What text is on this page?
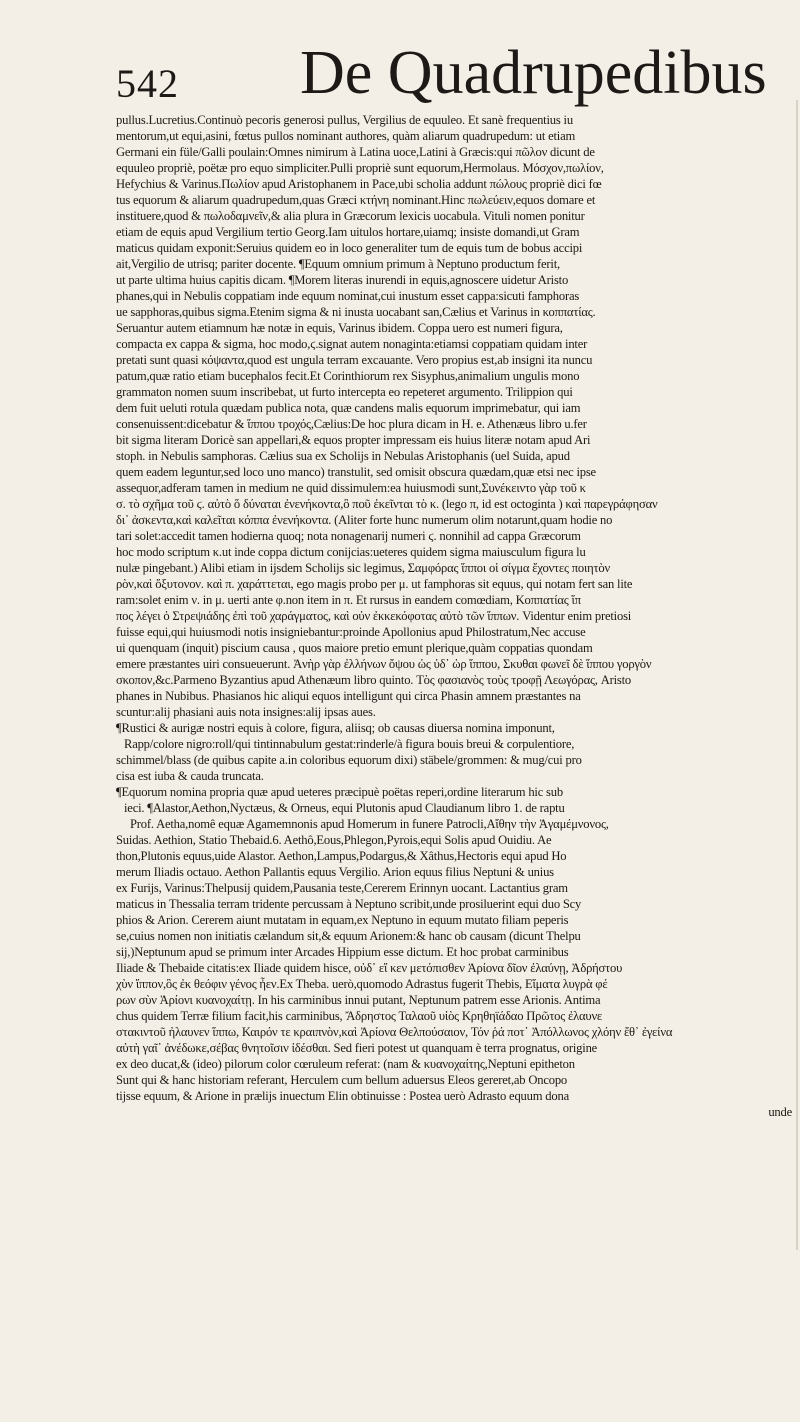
542 De Quadrupedibus
pullus.Lucretius.Continuò pecoris generosi pullus, Vergilius de equuleo. Et sanè frequentius iu
mentorum,ut equi,asini, fœtus pullos nominant authores, quàm aliarum quadrupedum: ut etiam
Germani ein füle/Galli poulain:Omnes nimirum à Latina uoce,Latini à Græcis:qui πῶλον dicunt de
equuleo propriè, poëtæ pro equo simpliciter.Pulli propriè sunt equorum,Hermolaus. Μόσχον,πωλίον,
Hefychius & Varinus.Πωλίον apud Aristophanem in Pace,ubi scholia addunt πώλους propriè dici fœ
tus equorum & aliarum quadrupedum,quas Græci κτήνη nominant.Hinc πωλεύειν,equos domare et
instituere,quod & πωλοδαμνεῖν,& alia plura in Græcorum lexicis uocabula. Vituli nomen ponitur
etiam de equis apud Vergilium tertio Georg.Iam uitulos hortare,uiamq; insiste domandi,ut Gram
maticus quidam exponit:Seruius quidem eo in loco generaliter tum de equis tum de bobus accipi
ait,Vergilio de utrisq; pariter docente. ¶Equum omnium primum à Neptuno productum ferit,
ut parte ultima huius capitis dicam. ¶Morem literas inurendi in equis,agnoscere uidetur Aristo
phanes,qui in Nebulis coppatiam inde equum nominat,cui inustum esset cappa:sicuti famphoras
ue sapphoras,quibus sigma.Etenim sigma & ni inusta uocabant san,Cælius et Varinus in κοππατίας.
Seruantur autem etiamnum hæ notæ in equis, Varinus ibidem. Coppa uero est numeri figura,
compacta ex cappa & sigma, hoc modo,ϛ.signat autem nonaginta:etiamsi coppatiam quidam inter
pretati sunt quasi κόψαντα,quod est ungula terram excauante. Vero propius est,ab insigni ita nuncu
patum,quæ ratio etiam bucephalos fecit.Et Corinthiorum rex Sisyphus,animalium ungulis mono
grammaton nomen suum inscribebat, ut furto intercepta eo repeteret argumento. Trilippion qui
dem fuit ueluti rotula quædam publica nota, quæ candens malis equorum imprimebatur, qui iam
consenuissent:dicebatur & ἵππου τροχός,Cælius:De hoc plura dicam in H. e. Athenæus libro u.fer
bit sigma literam Doricè san appellari,& equos propter impressam eis huius literæ notam apud Ari
stoph. in Nebulis samphoras. Cælius sua ex Scholijs in Nebulas Aristophanis (uel Suida, apud
quem eadem leguntur,sed loco uno manco) transtulit, sed omisit obscura quædam,quæ etsi nec ipse
assequor,adferam tamen in medium ne quid dissimulem:ea huiusmodi sunt,Συνέκειντο γὰρ τοῦ κ
σ. τὸ σχῆμα τοῦ ϛ. αὐτὸ ὅ δύναται ἐνενήκοντα,ὃ ποῦ ἐκεῖνται τὸ κ. (lego π, id est octoginta ) καὶ παρεγράφησαν
δι᾽ ἀσκεντα,καὶ καλεῖται κόππα ἐνενήκοντα. (Aliter forte hunc numerum olim notarunt,quam hodie no
tari solet:accedit tamen hodierna quoq; nota nonagenarij numeri ϛ. nonnihil ad cappa Græcorum
hoc modo scriptum κ.ut inde coppa dictum conijcias:ueteres quidem sigma maiusculum figura lu
nulæ pingebant.) Alibi etiam in ijsdem Scholijs sic legimus, Σαμφόρας ἵπποι οἱ σίγμα ἔχοντες ποιητὸν
ρὸν,καὶ ὅξυτονον. καὶ π. χαράττεται, ego magis probo per μ. ut famphoras sit equus, qui notam fert san lite
ram:solet enim ν. in μ. uerti ante φ.non item in π. Et rursus in eandem comœdiam, Κοππατίας ἵπ
πος λέγει ὁ Στρεψιάδης ἐπὶ τοῦ χαράγματος, καὶ οὐν ἐκκεκόφοτας αὐτὸ τῶν ἵππων. Videntur enim pretiosi
fuisse equi,qui huiusmodi notis insigniebantur:proinde Apollonius apud Philostratum,Nec accuse
ui quenquam (inquit) piscium causa , quos maiore pretio emunt plerique,quàm coppatias quondam
emere præstantes uiri consueuerunt. Ἀνὴρ γὰρ ἐλλήνων ὄψου ὡς ὑδ᾽ ὡρ ἵππου, Σκυθαι φωνεῖ δὲ ἵππου γοργὸν
σκοπον,&c.Parmeno Byzantius apud Athenæum libro quinto. Τὸς φασιανὸς τοὺς τροφῇ Λεωγόρας, Aristo
phanes in Nubibus. Phasianos hic aliqui equos intelligunt qui circa Phasin amnem præstantes na
scuntur:alij phasiani auis nota insignes:alij ipsas aues.
¶Rustici & aurigæ nostri equis à colore, figura, aliisq; ob causas diuersa nomina imponunt,
Rapp/colore nigro:roll/qui tintinnabulum gestat:rinderle/à figura bouis breui & corpulentiore,
schimmel/blass (de quibus capite a.in coloribus equorum dixi) stäbele/grommen: & mug/cui pro
cisa est iuba & cauda truncata.
¶Equorum nomina propria quæ apud ueteres præcipuè poëtas reperi,ordine literarum hic sub
ieci. ¶Alastor,Aethon,Nyctæus, & Orneus, equi Plutonis apud Claudianum libro 1. de raptu
Prof. Aetha,nomê equæ Agamemnonis apud Homerum in funere Patrocli,Αἴθην τὴν Ἀγαμέμνονος,
Suidas. Aethion, Statio Thebaid.6. Aethô,Eous,Phlegon,Pyrois,equi Solis apud Ouidiu. Ae
thon,Plutonis equus,uide Alastor. Aethon,Lampus,Podargus,& Xâthus,Hectoris equi apud Ho
merum Iliadis octauo. Aethon Pallantis equus Vergilio. Arion equus filius Neptuni & unius
ex Furijs, Varinus:Thelpusij quidem,Pausania teste,Cererem Erinnyn uocant. Lactantius gram
maticus in Thessalia terram tridente percussam à Neptuno scribit,unde prosiluerint equi duo Scy
phios & Arion. Cererem aiunt mutatam in equam,ex Neptuno in equum mutato filiam peperis
se,cuius nomen non initiatis cælandum sit,& equum Arionem:& hanc ob causam (dicunt Thelpu
sij,)Neptunum apud se primum inter Arcades Hippium esse dictum. Et hoc probat carminibus
Iliade & Thebaide citatis:ex Iliade quidem hisce, οὐδ᾽ εἴ κεν μετόπισθεν Ἀρίονα δῖον ἐλαύνῃ, Ἀδρήστου
χὺν ἵππον,ὃς ἐκ θεόφιν γένος ἦεν.Ex Theba. uerò,quomodo Adrastus fugerit Thebis, Εἵματα λυγρὰ φέ
ρων σὺν Ἀρίονι κυανοχαίτῃ. In his carminibus innui putant, Neptunum patrem esse Arionis. Antima
chus quidem Terræ filium facit,his carminibus, Ἄδρηστος Ταλαοῦ υἱὸς Κρηθηϊάδαο Πρῶτος ἐλαυνε
στακιντοῦ ἠλαυνεν ἵππω, Καιρόν τε κραιπνὸν,καὶ Ἀρίονα Θελπούσαιον, Τόν ῥά ποτ᾽ Ἀπόλλωνος χλόην ἔθ᾽ ἐγείνα
αὐτὴ γαῖ᾽ ἀνέδωκε,σέβας θνητοῖσιν ἰδέσθαι. Sed fieri potest ut quanquam è terra prognatus, origine
ex deo ducat,& (ideo) pilorum color cœruleum referat: (nam & κυανοχαίτης,Neptuni epitheton
Sunt qui & hanc historiam referant, Herculem cum bellum aduersus Eleos gereret,ab Oncopo
tijsse equum, & Arione in prælijs inuectum Elin obtinuisse : Postea uerò Adrasto equum dona
unde
